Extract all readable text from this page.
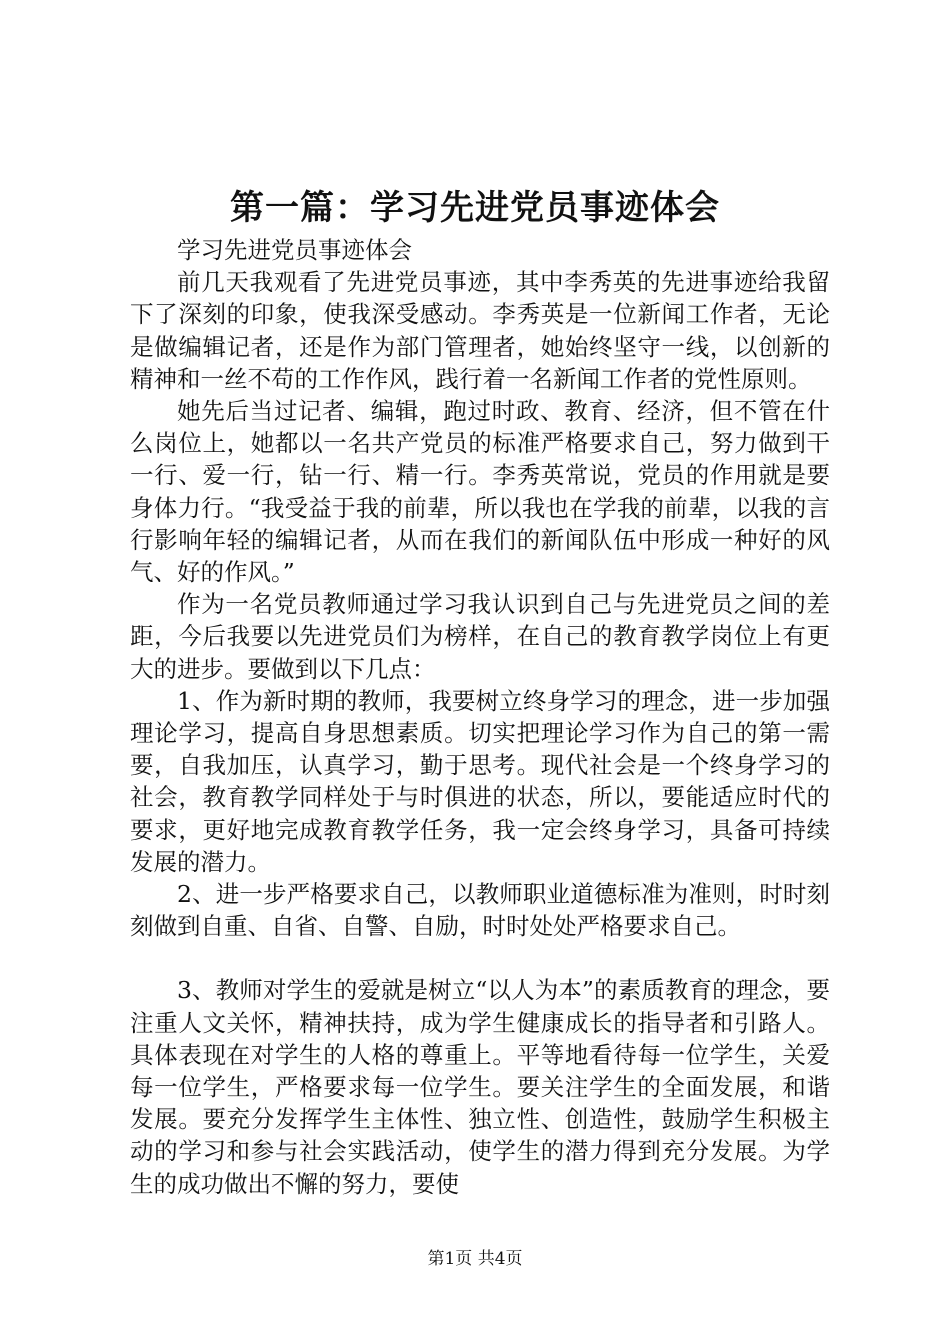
第一篇：学习先进党员事迹体会

学习先进党员事迹体会

前几天我观看了先进党员事迹，其中李秀英的先进事迹给我留下了深刻的印象，使我深受感动。李秀英是一位新闻工作者，无论是做编辑记者，还是作为部门管理者，她始终坚守一线，以创新的精神和一丝不苟的工作作风，践行着一名新闻工作者的党性原则。

她先后当过记者、编辑，跑过时政、教育、经济，但不管在什么岗位上，她都以一名共产党员的标准严格要求自己，努力做到干一行、爱一行，钻一行、精一行。李秀英常说，党员的作用就是要身体力行。“我受益于我的前辈，所以我也在学我的前辈，以我的言行影响年轻的编辑记者，从而在我们的新闻队伍中形成一种好的风气、好的作风。”

作为一名党员教师通过学习我认识到自己与先进党员之间的差距，今后我要以先进党员们为榜样，在自己的教育教学岗位上有更大的进步。要做到以下几点：

1、作为新时期的教师，我要树立终身学习的理念，进一步加强理论学习，提高自身思想素质。切实把理论学习作为自己的第一需要，自我加压，认真学习，勤于思考。现代社会是一个终身学习的社会，教育教学同样处于与时俱进的状态，所以，要能适应时代的要求，更好地完成教育教学任务，我一定会终身学习，具备可持续发展的潜力。

2、进一步严格要求自己，以教师职业道德标准为准则，时时刻刻做到自重、自省、自警、自励，时时处处严格要求自己。

3、教师对学生的爱就是树立“以人为本”的素质教育的理念，要注重人文关怀，精神扶持，成为学生健康成长的指导者和引路人。具体表现在对学生的人格的尊重上。平等地看待每一位学生，关爱每一位学生，严格要求每一位学生。要关注学生的全面发展，和谐发展。要充分发挥学生主体性、独立性、创造性，鼓励学生积极主动的学习和参与社会实践活动，使学生的潜力得到充分发展。为学生的成功做出不懈的努力，要使

第1页 共4页
